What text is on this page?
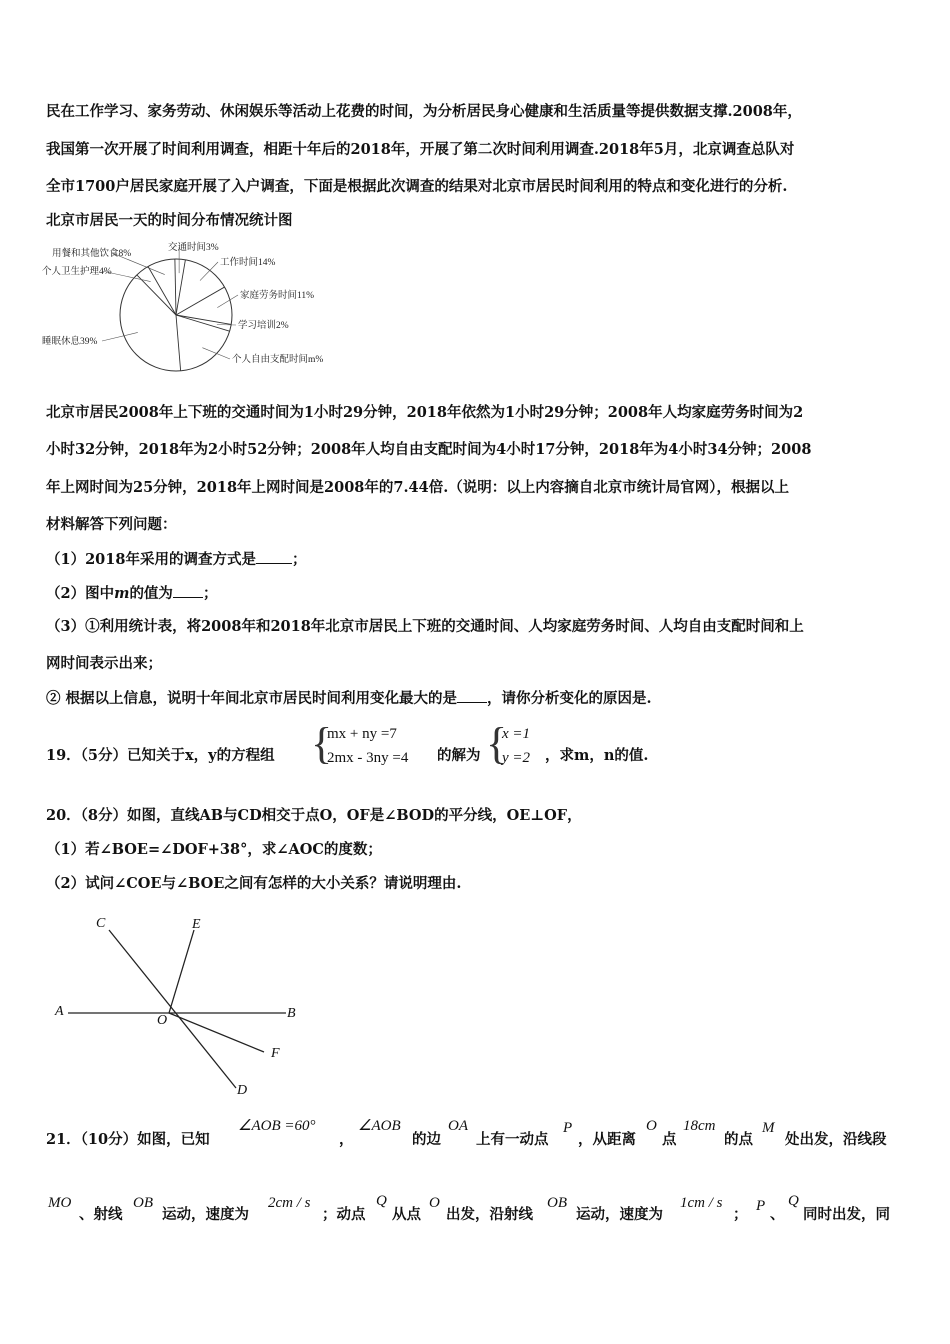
民在工作学习、家务劳动、休闲娱乐等活动上花费的时间，为分析居民身心健康和生活质量等提供数据支撑.2008年，
我国第一次开展了时间利用调查，相距十年后的2018年，开展了第二次时间利用调查.2018年5月，北京调查总队对
全市1700户居民家庭开展了入户调查，下面是根据此次调查的结果对北京市居民时间利用的特点和变化进行的分析.
北京市居民一天的时间分布情况统计图
交通时间3%
工作时间14%
家庭劳务时间11%
学习培训2%
个人自由支配时间m%
睡眠休息39%
个人卫生护理4%
用餐和其他饮食8%
北京市居民2008年上下班的交通时间为1小时29分钟，2018年依然为1小时29分钟；2008年人均家庭劳务时间为2
小时32分钟，2018年为2小时52分钟；2008年人均自由支配时间为4小时17分钟，2018年为4小时34分钟；2008
年上网时间为25分钟，2018年上网时间是2008年的7.44倍.（说明：以上内容摘自北京市统计局官网），根据以上
材料解答下列问题：
（1）2018年采用的调查方式是 ；
（2）图中m的值为 ；
（3）①利用统计表，将2008年和2018年北京市居民上下班的交通时间、人均家庭劳务时间、人均自由支配时间和上
网时间表示出来；
② 根据以上信息，说明十年间北京市居民时间利用变化最大的是 ，请你分析变化的原因是.
19．（5分）已知关于x，y的方程组 {
mx + ny =7
2mx - 3ny =4 的解为 {
x =1
y =2 ，求m，n的值.
20．（8分）如图，直线AB与CD相交于点O，OF是∠BOD的平分线，OE⊥OF，
（1）若∠BOE=∠DOF+38°，求∠AOC的度数；
（2）试问∠COE与∠BOE之间有怎样的大小关系？请说明理由.
C	E
A
O	B
F
D
21．（10分）如图，已知
∠AOB =60°
，
∠AOB
的边
OA
上有一动点
P
，从距离
O
点
18cm
的点
M
处出发，沿线段
MO
、射线
OB
运动，速度为
2cm / s
；动点
Q
从点
O
出发，沿射线
OB
运动，速度为
1cm / s
； P 、
Q
同时出发，同
